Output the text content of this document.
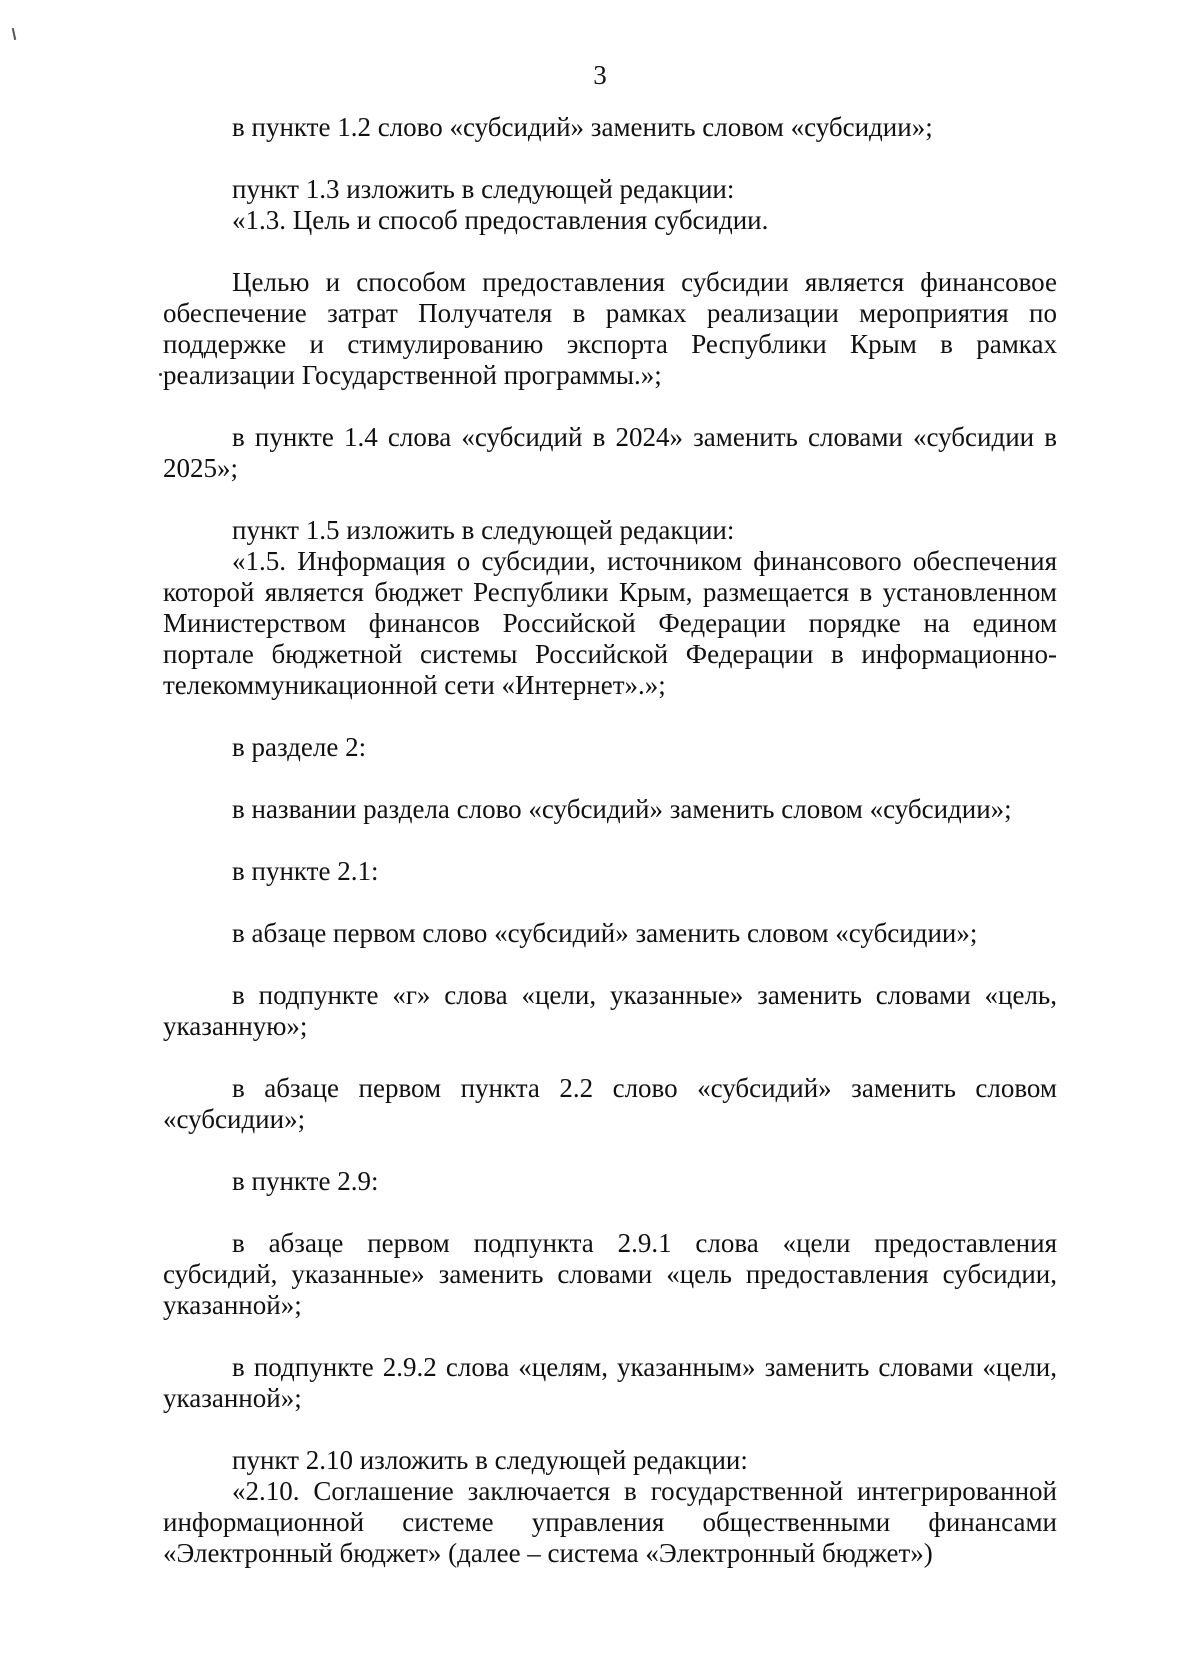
3

в пункте 1.2 слово «субсидий» заменить словом «субсидии»;

пункт 1.3 изложить в следующей редакции:

«1.3. Цель и способ предоставления субсидии.

Целью и способом предоставления субсидии является финансовое обеспечение затрат Получателя в рамках реализации мероприятия по поддержке и стимулированию экспорта Республики Крым в рамках реализации Государственной программы.»;

в пункте 1.4 слова «субсидий в 2024» заменить словами «субсидии в 2025»;

пункт 1.5 изложить в следующей редакции:

«1.5. Информация о субсидии, источником финансового обеспечения которой является бюджет Республики Крым, размещается в установленном Министерством финансов Российской Федерации порядке на едином портале бюджетной системы Российской Федерации в информационно-телекоммуникационной сети «Интернет».»;

в разделе 2:

в названии раздела слово «субсидий» заменить словом «субсидии»;

в пункте 2.1:

в абзаце первом слово «субсидий» заменить словом «субсидии»;

в подпункте «г» слова «цели, указанные» заменить словами «цель, указанную»;

в абзаце первом пункта 2.2 слово «субсидий» заменить словом «субсидии»;

в пункте 2.9:

в абзаце первом подпункта 2.9.1 слова «цели предоставления субсидий, указанные» заменить словами «цель предоставления субсидии, указанной»;

в подпункте 2.9.2 слова «целям, указанным» заменить словами «цели, указанной»;

пункт 2.10 изложить в следующей редакции:

«2.10. Соглашение заключается в государственной интегрированной информационной системе управления общественными финансами «Электронный бюджет» (далее – система «Электронный бюджет»)
